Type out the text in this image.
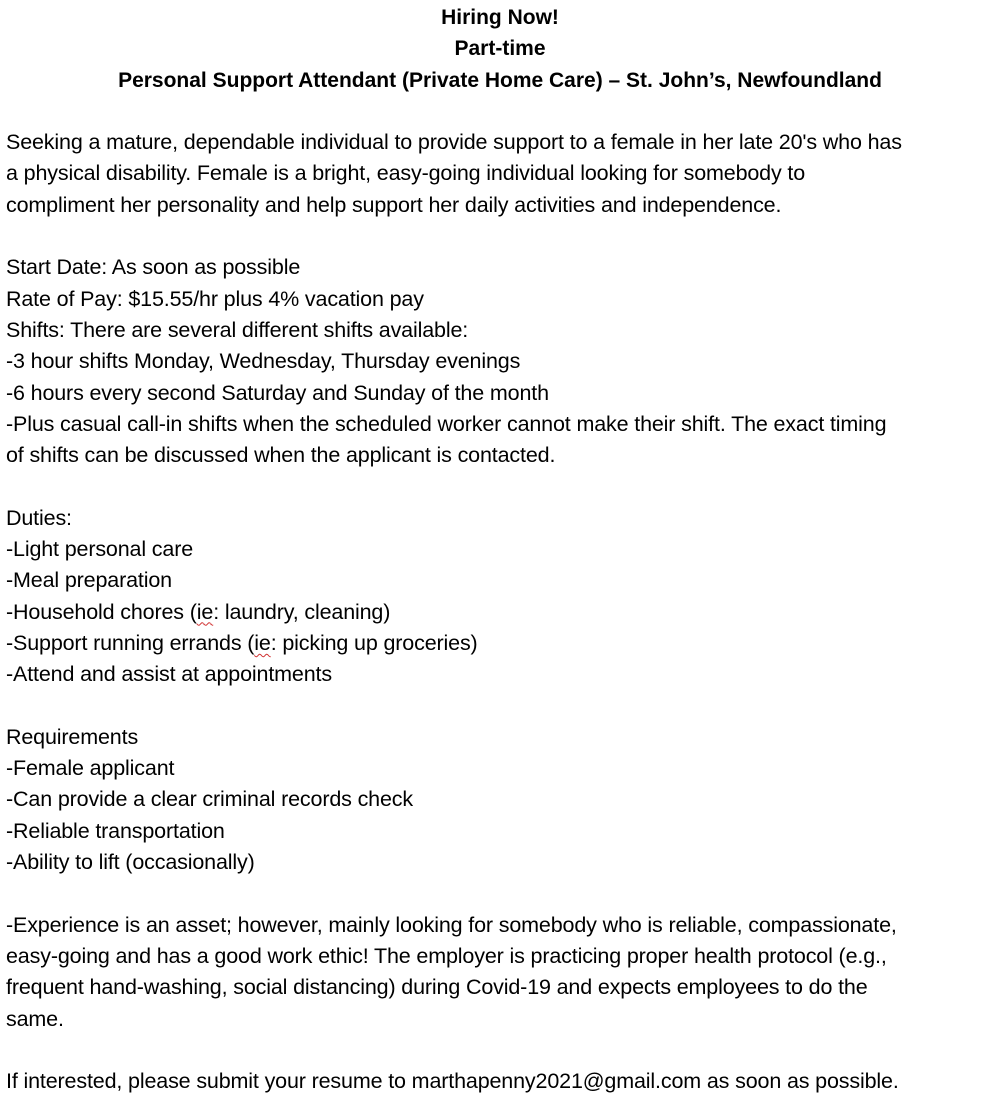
Hiring Now!
Part-time
Personal Support Attendant (Private Home Care) – St. John’s, Newfoundland
Seeking a mature, dependable individual to provide support to a female in her late 20's who has
a physical disability. Female is a bright, easy-going individual looking for somebody to
compliment her personality and help support her daily activities and independence.
Start Date: As soon as possible
Rate of Pay: $15.55/hr plus 4% vacation pay
Shifts: There are several different shifts available:
-3 hour shifts Monday, Wednesday, Thursday evenings
-6 hours every second Saturday and Sunday of the month
-Plus casual call-in shifts when the scheduled worker cannot make their shift. The exact timing
of shifts can be discussed when the applicant is contacted.
Duties:
-Light personal care
-Meal preparation
-Household chores (ie: laundry, cleaning)
-Support running errands (ie: picking up groceries)
-Attend and assist at appointments
Requirements
-Female applicant
-Can provide a clear criminal records check
-Reliable transportation
-Ability to lift (occasionally)
-Experience is an asset; however, mainly looking for somebody who is reliable, compassionate,
easy-going and has a good work ethic! The employer is practicing proper health protocol (e.g.,
frequent hand-washing, social distancing) during Covid-19 and expects employees to do the
same.
If interested, please submit your resume to marthapenny2021@gmail.com as soon as possible.
